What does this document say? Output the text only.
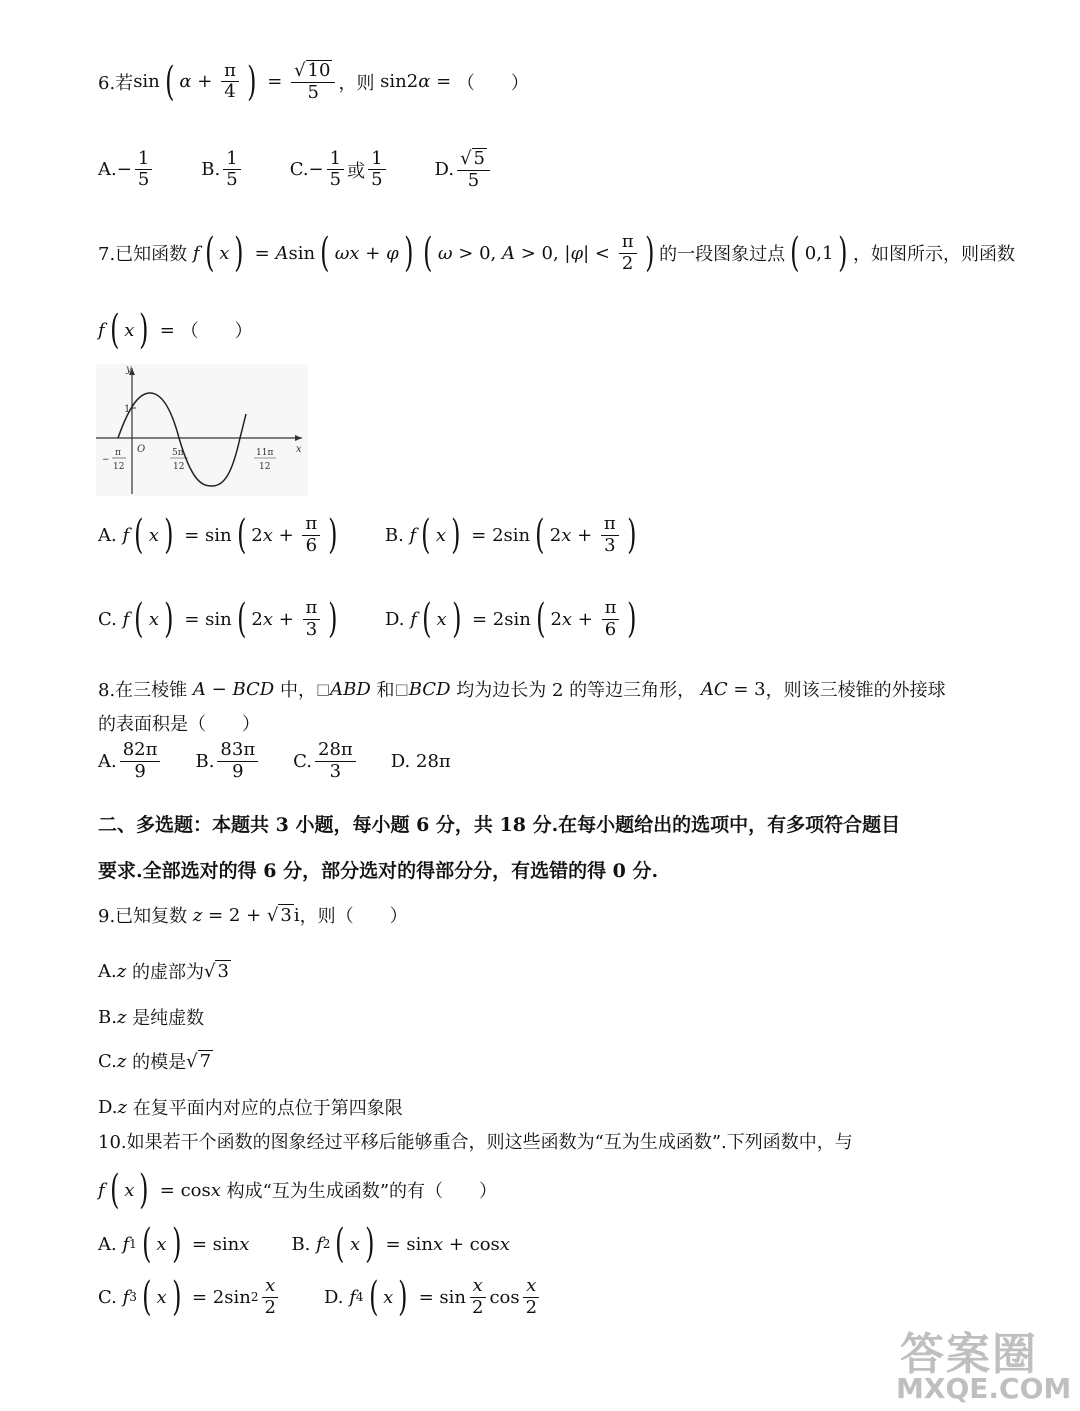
6.若 sin ( $\alpha + \frac{\pi}{4}$ ) = $\frac{√ 10}{5}$ ，则 sin2 α = （　　）
A. − $\frac{1}{5}$	B. $\frac{1}{5}$	C. − $\frac{1}{5}$ 或 $\frac{1}{5}$	D. $\frac{√ 5}{5}$
7.已知函数 f ( x ) = A sin ( ωx + φ ) ( ω > 0, A > 0, | φ | < $\frac{\pi}{2}$ ) 的一段图象过点 ( 0,1 ) ，如图所示，则函数
f ( x ) = （　　）
y
x
O
1
−
π
12
5π
12
11π
12
A.
f ( x ) = sin ( 2 $x + \frac{\pi}{6}$ )	B.
f ( x ) = 2sin ( 2 $x + \frac{\pi}{3}$ )
C.
f ( x ) = sin ( 2 $x + \frac{\pi}{3}$ )	D.
f ( x ) = 2sin ( 2 $x + \frac{\pi}{6}$ )
8.在三棱锥
A − BCD
中， □ ABD
和 □ BCD
均为边长为 2 的等边三角形，
AC = 3 ，则该三棱锥的外接球
的表面积是（　　）
A. $\frac{82\pi}{9} B$. $\frac{83\pi}{9} C$. $\frac{28\pi}{3} D$. 28π
二、多选题：本题共 3 小题，每小题 6 分，共 18 分.在每小题给出的选项中，有多项符合题目
要求.全部选对的得 6 分，部分选对的得部分分，有选错的得 0 分.
9.已知复数
z = 2 + √ 3 i ，则（　　）
A. z
的虚部为 √ 3
B. z
是纯虚数
C. z
的模是 √ 7
D. z
在复平面内对应的点位于第四象限
10.如果若干个函数的图象经过平移后能够重合，则这些函数为“互为生成函数”.下列函数中，与
f ( x ) = cos x
构成“互为生成函数”的有（　　）
A.
f 1 ( x ) = sin x B.
f 2 ( x ) = sin x + cos x
C.
f 3 ( x ) = 2sin $2 \frac{x}{2}$	D.
f 4 ( x ) = $\sin \frac{x}{2}$ $\cos \frac{x}{2}$
答案圈
MXQE.COM
